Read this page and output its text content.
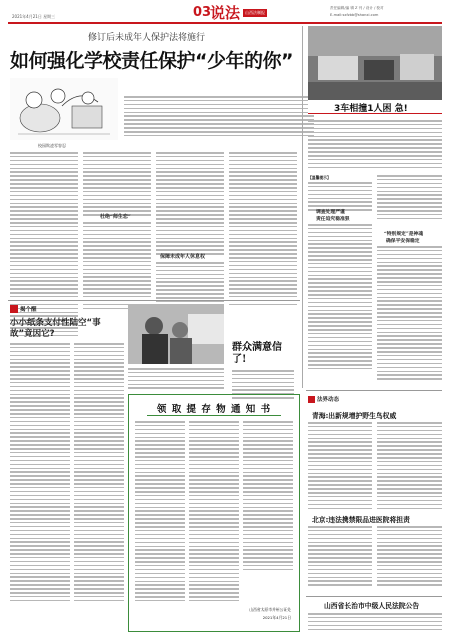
2021年4月21日 星期三	03
说法	山西法制报
责任编辑/编 辑 Z 刊 / 设计 / 校对
E-mail:sxfzbb@shanxi.com
修订后未成年人保护法将施行
如何强化学校责任保护“少年的你”
校园欺凌零容忍
杜绝“师生恋”
保障未成年人休息权
揭个醒
小小纸条支付性陆空“事故”竟因它?
群众满意信了!
领 取 提 存 物 通 知 书
山西省太原市并州公证处
2021年4月21日
3车相撞1人困 急!
【温馨提示】
调查处理严谨
责任追究稳准狠
“特别规定”是神魂
确保平安保稳定
法界动态
青海:出新规增护野生鸟权威
北京:违法携禁限品进医院将担责
山西省长治市中级人民法院公告
